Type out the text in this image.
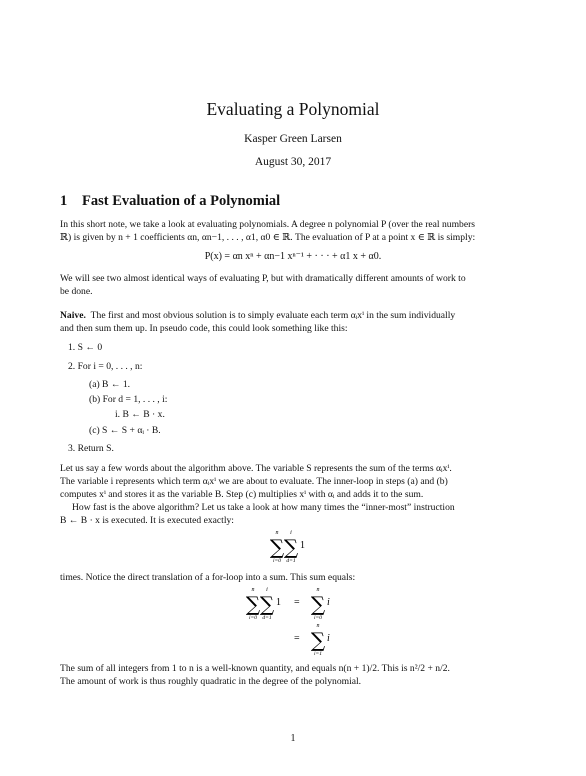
Evaluating a Polynomial
Kasper Green Larsen
August 30, 2017
1 Fast Evaluation of a Polynomial
In this short note, we take a look at evaluating polynomials. A degree n polynomial P (over the real numbers
ℝ) is given by n + 1 coefficients αn, αn−1, . . . , α1, α0 ∈ ℝ. The evaluation of P at a point x ∈ ℝ is simply:
P(x) = αn xⁿ + αn−1 xⁿ⁻¹ + · · · + α1 x + α0.
We will see two almost identical ways of evaluating P, but with dramatically different amounts of work to
be done.
Naive. The first and most obvious solution is to simply evaluate each term αᵢxⁱ in the sum individually
and then sum them up. In pseudo code, this could look something like this:
1. S ← 0
2. For i = 0, . . . , n:
(a) B ← 1.
(b) For d = 1, . . . , i:
i. B ← B · x.
(c) S ← S + αᵢ · B.
3. Return S.
Let us say a few words about the algorithm above. The variable S represents the sum of the terms αᵢxⁱ.
The variable i represents which term αᵢxⁱ we are about to evaluate. The inner-loop in steps (a) and (b)
computes xⁱ and stores it as the variable B. Step (c) multiplies xⁱ with αᵢ and adds it to the sum.
How fast is the above algorithm? Let us take a look at how many times the “inner-most” instruction
B ← B · x is executed. It is executed exactly:
n
∑
i=0
i
∑
d=1
1
times. Notice the direct translation of a for-loop into a sum. This sum equals:
n
∑
i=0
i
∑
d=1
1 =
n
∑
i=0
i
=
n
∑
i=1
i
The sum of all integers from 1 to n is a well-known quantity, and equals n(n + 1)/2. This is n²/2 + n/2.
The amount of work is thus roughly quadratic in the degree of the polynomial.
1
